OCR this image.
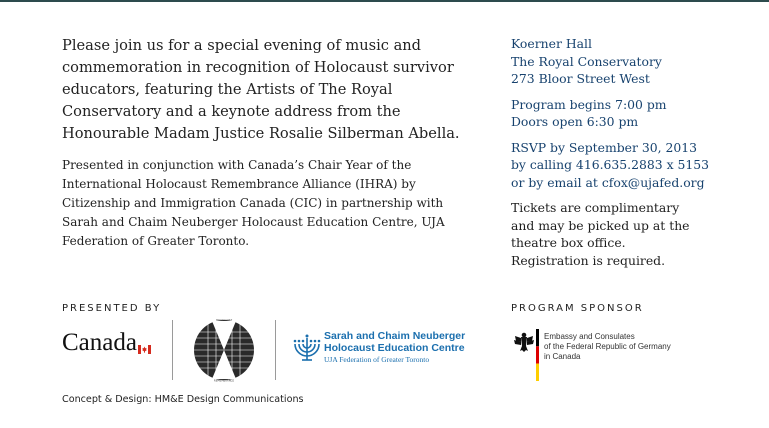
Please join us for a special evening of music and commemoration in recognition of Holocaust survivor educators, featuring the Artists of The Royal Conservatory and a keynote address from the Honourable Madam Justice Rosalie Silberman Abella.

Presented in conjunction with Canada’s Chair Year of the International Holocaust Remembrance Alliance (IHRA) by Citizenship and Immigration Canada (CIC) in partnership with Sarah and Chaim Neuberger Holocaust Education Centre, UJA Federation of Greater Toronto.

Koerner Hall
The Royal Conservatory
273 Bloor Street West
Program begins 7:00 pm
Doors open 6:30 pm
RSVP by September 30, 2013
by calling 416.635.2883 x 5153
or by email at cfox@ujafed.org
Tickets are complimentary
and may be picked up at the
theatre box office.
Registration is required.
PRESENTED BY	PROGRAM SPONSOR
Canada
HOLOCAUST
REMEMBRANCE
Sarah and Chaim Neuberger
Holocaust Education Centre
UJA Federation of Greater Toronto
Embassy and Consulates
of the Federal Republic of Germany
in Canada
Concept & Design: HM&E Design Communications
